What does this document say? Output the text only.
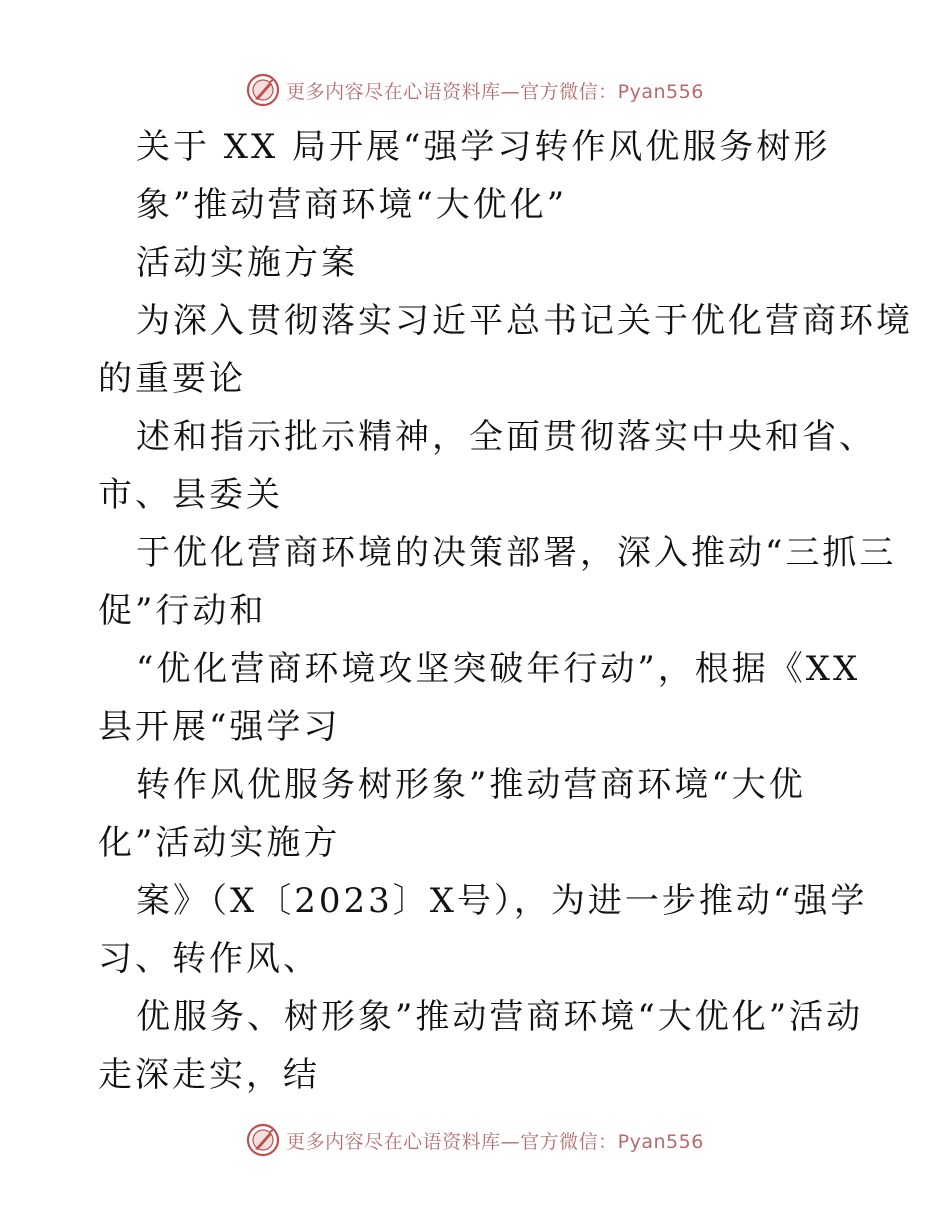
更多内容尽在心语资料库—官方微信：Pyan556
关于 XX 局开展“强学习转作风优服务树形
象”推动营商环境“大优化”
活动实施方案
为深入贯彻落实习近平总书记关于优化营商环境
的重要论
述和指示批示精神，全面贯彻落实中央和省、
市、县委关
于优化营商环境的决策部署，深入推动“三抓三
促”行动和
“优化营商环境攻坚突破年行动”，根据《XX
县开展“强学习
转作风优服务树形象”推动营商环境“大优
化”活动实施方
案》（X〔2023〕X号），为进一步推动“强学
习、转作风、
优服务、树形象”推动营商环境“大优化”活动
走深走实，结
更多内容尽在心语资料库—官方微信：Pyan556
